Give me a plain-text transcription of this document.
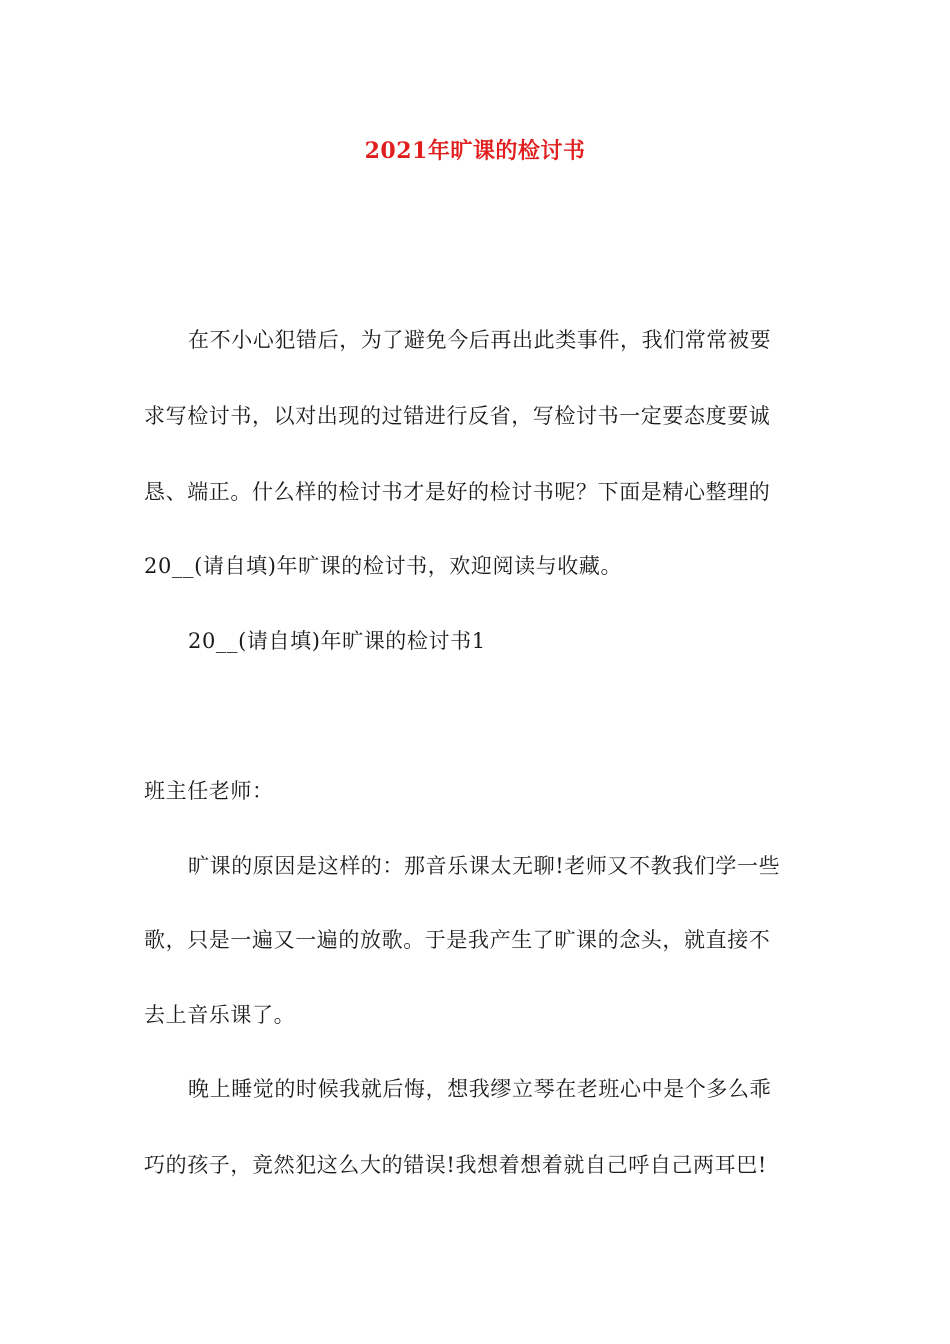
2021年旷课的检讨书
在不小心犯错后，为了避免今后再出此类事件，我们常常被要
求写检讨书，以对出现的过错进行反省，写检讨书一定要态度要诚
恳、端正。什么样的检讨书才是好的检讨书呢？下面是精心整理的
20__(请自填)年旷课的检讨书，欢迎阅读与收藏。
20__(请自填)年旷课的检讨书1
班主任老师：
旷课的原因是这样的：那音乐课太无聊!老师又不教我们学一些
歌，只是一遍又一遍的放歌。于是我产生了旷课的念头，就直接不
去上音乐课了。
晚上睡觉的时候我就后悔，想我缪立琴在老班心中是个多么乖
巧的孩子，竟然犯这么大的错误!我想着想着就自己呼自己两耳巴!
